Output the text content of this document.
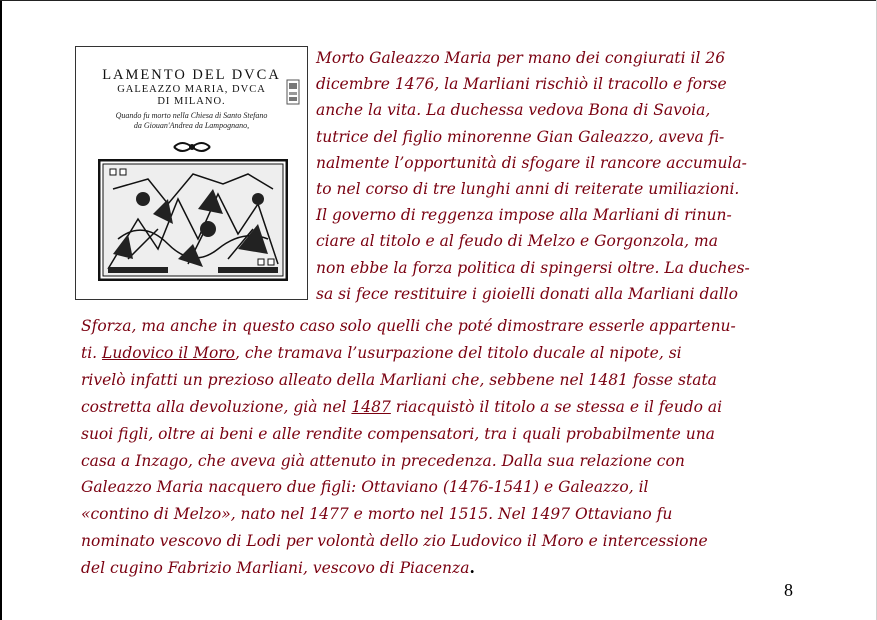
LAMENTO DEL DVCA
GALEAZZO MARIA, DVCA
DI MILANO.
Quando fu morto nella Chiesa di Santo Stefano
da Giouan'Andrea da Lampognano,
Morto Galeazzo Maria per mano dei congiurati il 26
dicembre 1476, la Marliani rischiò il tracollo e forse
anche la vita. La duchessa vedova Bona di Savoia,
tutrice del figlio minorenne Gian Galeazzo, aveva fi-
nalmente l’opportunità di sfogare il rancore accumula-
to nel corso di tre lunghi anni di reiterate umiliazioni.
Il governo di reggenza impose alla Marliani di rinun-
ciare al titolo e al feudo di Melzo e Gorgonzola, ma
non ebbe la forza politica di spingersi oltre. La duches-
sa si fece restituire i gioielli donati alla Marliani dallo
Sforza, ma anche in questo caso solo quelli che poté dimostrare esserle appartenu-
ti. Ludovico il Moro, che tramava l’usurpazione del titolo ducale al nipote, si
rivelò infatti un prezioso alleato della Marliani che, sebbene nel 1481 fosse stata
costretta alla devoluzione, già nel 1487 riacquistò il titolo a se stessa e il feudo ai
suoi figli, oltre ai beni e alle rendite compensatori, tra i quali probabilmente una
casa a Inzago, che aveva già attenuto in precedenza. Dalla sua relazione con
Galeazzo Maria nacquero due figli: Ottaviano (1476-1541) e Galeazzo, il
«contino di Melzo», nato nel 1477 e morto nel 1515. Nel 1497 Ottaviano fu
nominato vescovo di Lodi per volontà dello zio Ludovico il Moro e intercessione
del cugino Fabrizio Marliani, vescovo di Piacenza.
8
